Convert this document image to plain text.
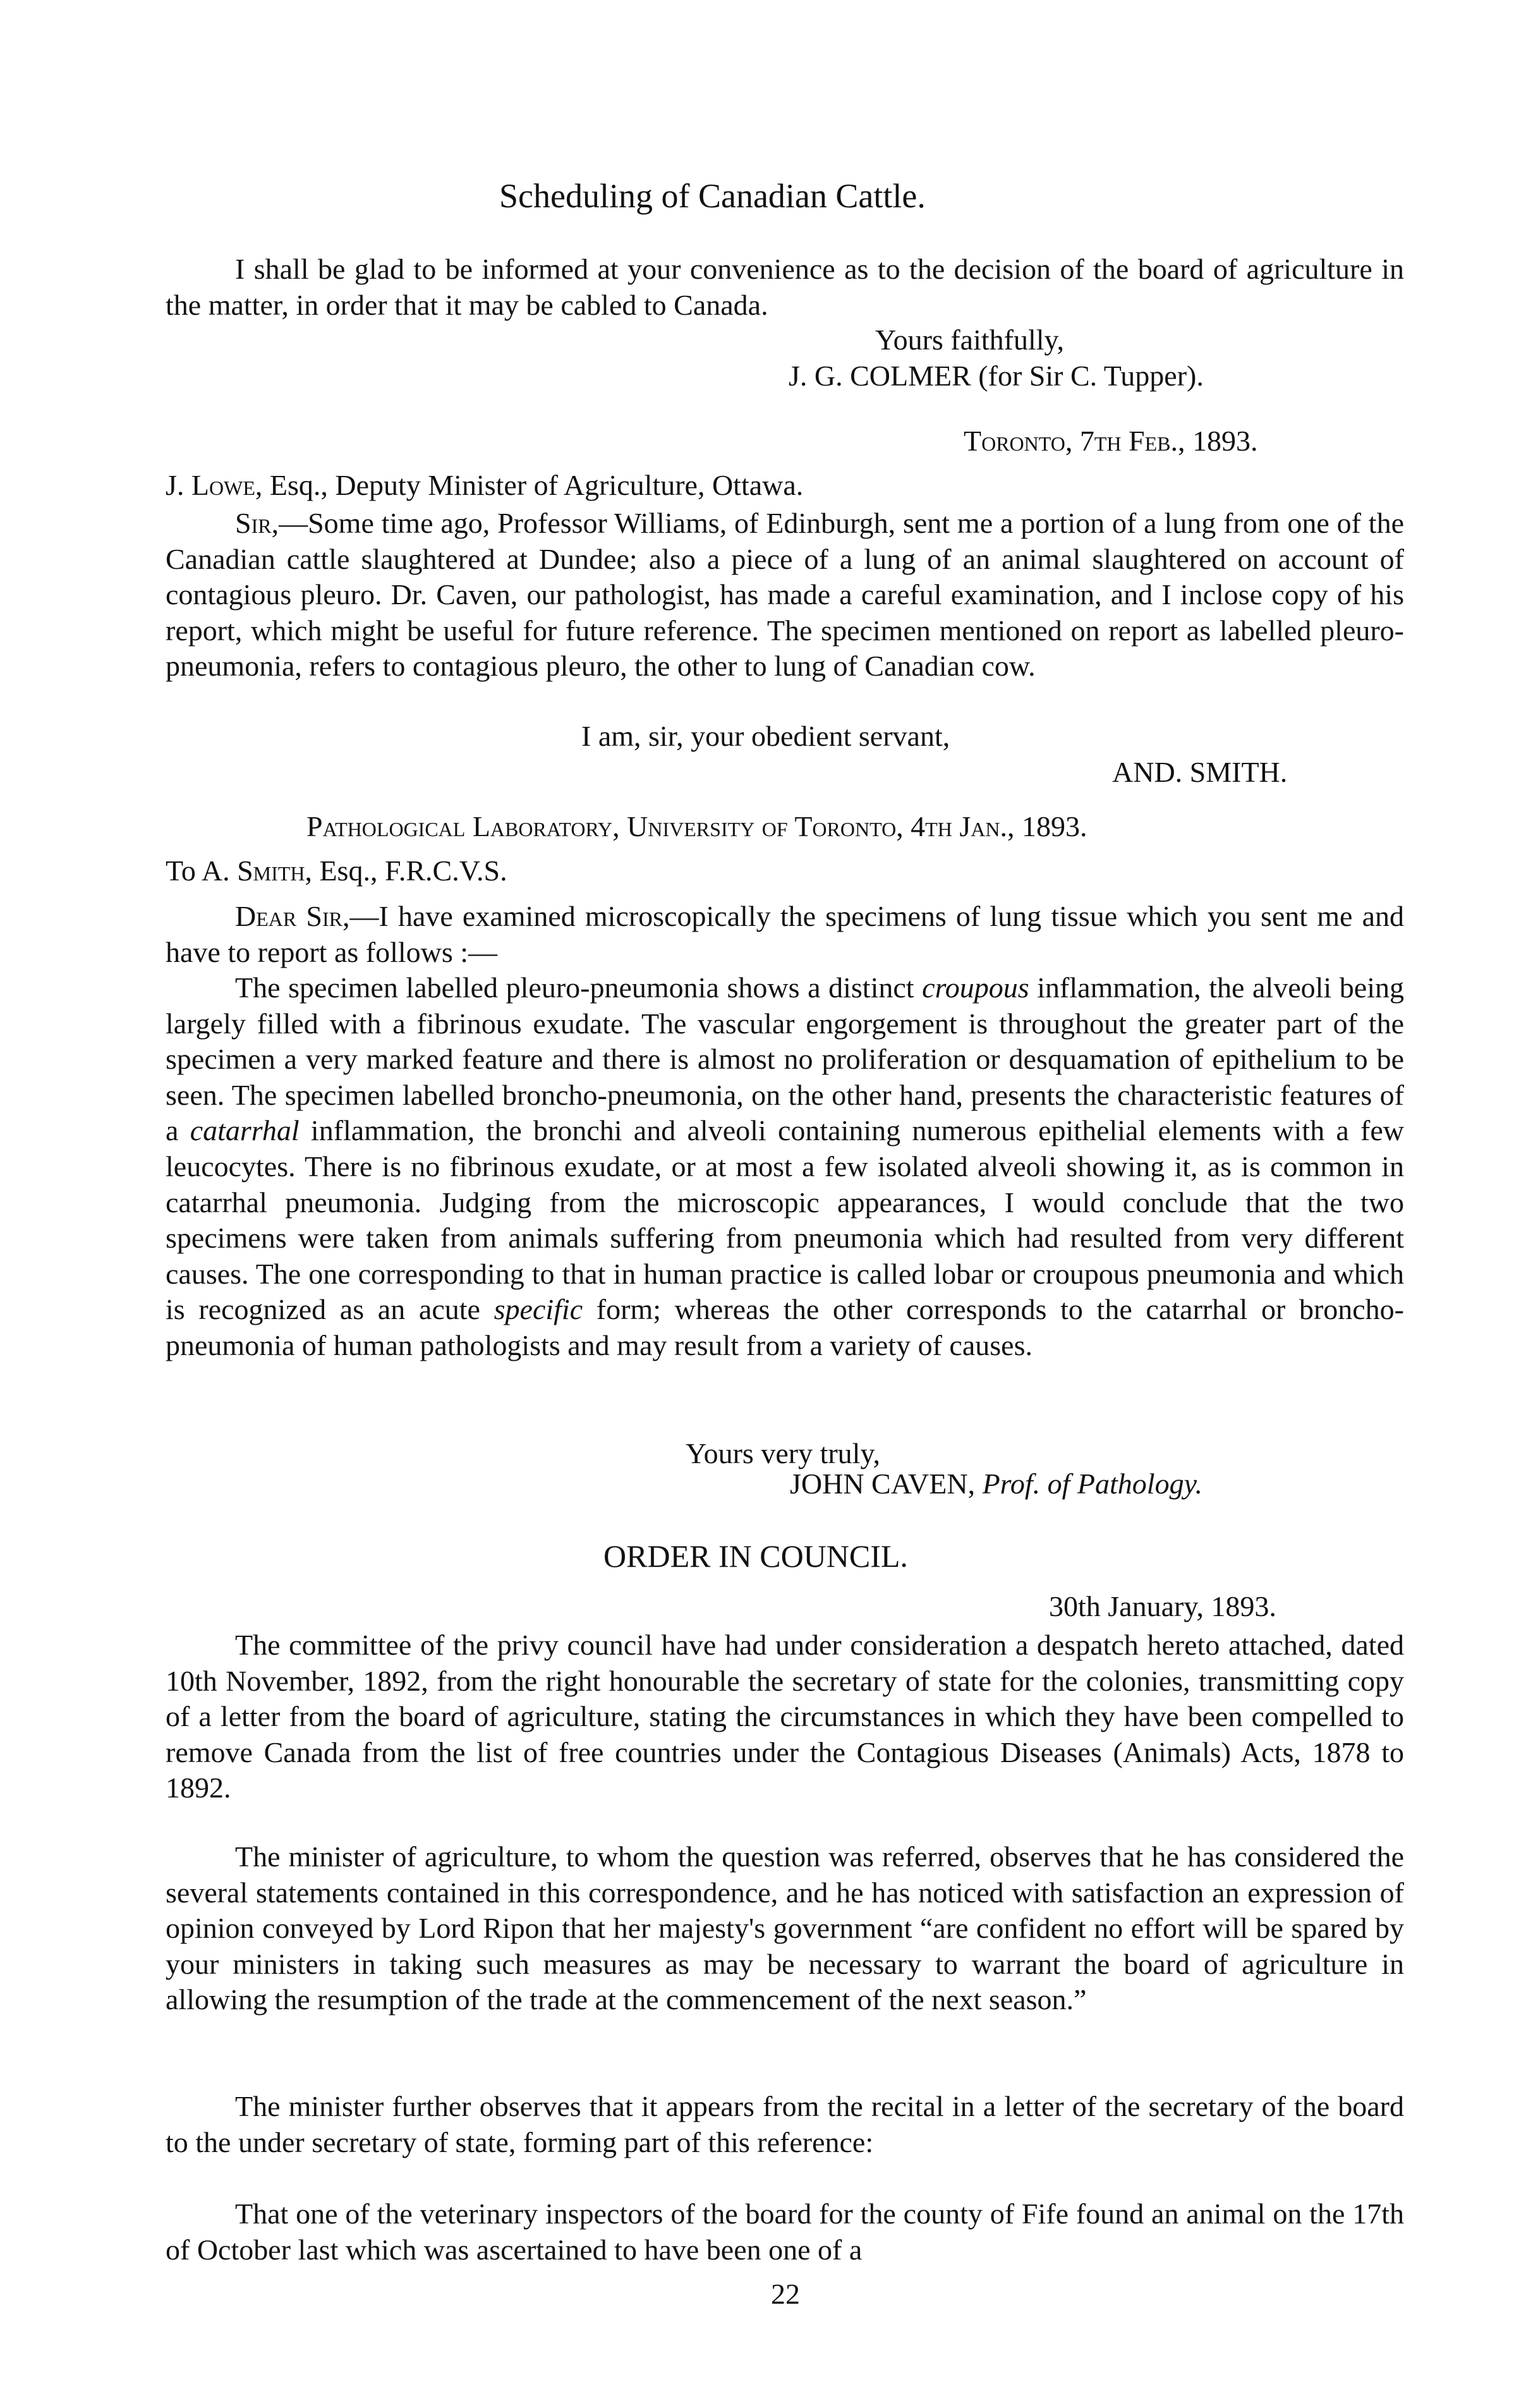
Scheduling of Canadian Cattle.
I shall be glad to be informed at your convenience as to the decision of the board of agriculture in the matter, in order that it may be cabled to Canada.
Yours faithfully,
J. G. COLMER (for Sir C. Tupper).
Toronto, 7th Feb., 1893.
J. Lowe, Esq., Deputy Minister of Agriculture, Ottawa.
Sir,—Some time ago, Professor Williams, of Edinburgh, sent me a portion of a lung from one of the Canadian cattle slaughtered at Dundee; also a piece of a lung of an animal slaughtered on account of contagious pleuro. Dr. Caven, our pathologist, has made a careful examination, and I inclose copy of his report, which might be useful for future reference. The specimen mentioned on report as labelled pleuro-pneumonia, refers to contagious pleuro, the other to lung of Canadian cow.
I am, sir, your obedient servant,
AND. SMITH.
Pathological Laboratory, University of Toronto, 4th Jan., 1893.
To A. Smith, Esq., F.R.C.V.S.
Dear Sir,—I have examined microscopically the specimens of lung tissue which you sent me and have to report as follows :—
The specimen labelled pleuro-pneumonia shows a distinct croupous inflammation, the alveoli being largely filled with a fibrinous exudate. The vascular engorgement is throughout the greater part of the specimen a very marked feature and there is almost no proliferation or desquamation of epithelium to be seen. The specimen labelled broncho-pneumonia, on the other hand, presents the characteristic features of a catarrhal inflammation, the bronchi and alveoli containing numerous epithelial elements with a few leucocytes. There is no fibrinous exudate, or at most a few isolated alveoli showing it, as is common in catarrhal pneumonia. Judging from the microscopic appearances, I would conclude that the two specimens were taken from animals suffering from pneumonia which had resulted from very different causes. The one corresponding to that in human practice is called lobar or croupous pneumonia and which is recognized as an acute specific form; whereas the other corresponds to the catarrhal or broncho-pneumonia of human pathologists and may result from a variety of causes.
Yours very truly,
JOHN CAVEN, Prof. of Pathology.
ORDER IN COUNCIL.
30th January, 1893.
The committee of the privy council have had under consideration a despatch hereto attached, dated 10th November, 1892, from the right honourable the secretary of state for the colonies, transmitting copy of a letter from the board of agriculture, stating the circumstances in which they have been compelled to remove Canada from the list of free countries under the Contagious Diseases (Animals) Acts, 1878 to 1892.
The minister of agriculture, to whom the question was referred, observes that he has considered the several statements contained in this correspondence, and he has noticed with satisfaction an expression of opinion conveyed by Lord Ripon that her majesty's government “are confident no effort will be spared by your ministers in taking such measures as may be necessary to warrant the board of agriculture in allowing the resumption of the trade at the commencement of the next season.”
The minister further observes that it appears from the recital in a letter of the secretary of the board to the under secretary of state, forming part of this reference:
That one of the veterinary inspectors of the board for the county of Fife found an animal on the 17th of October last which was ascertained to have been one of a
22
